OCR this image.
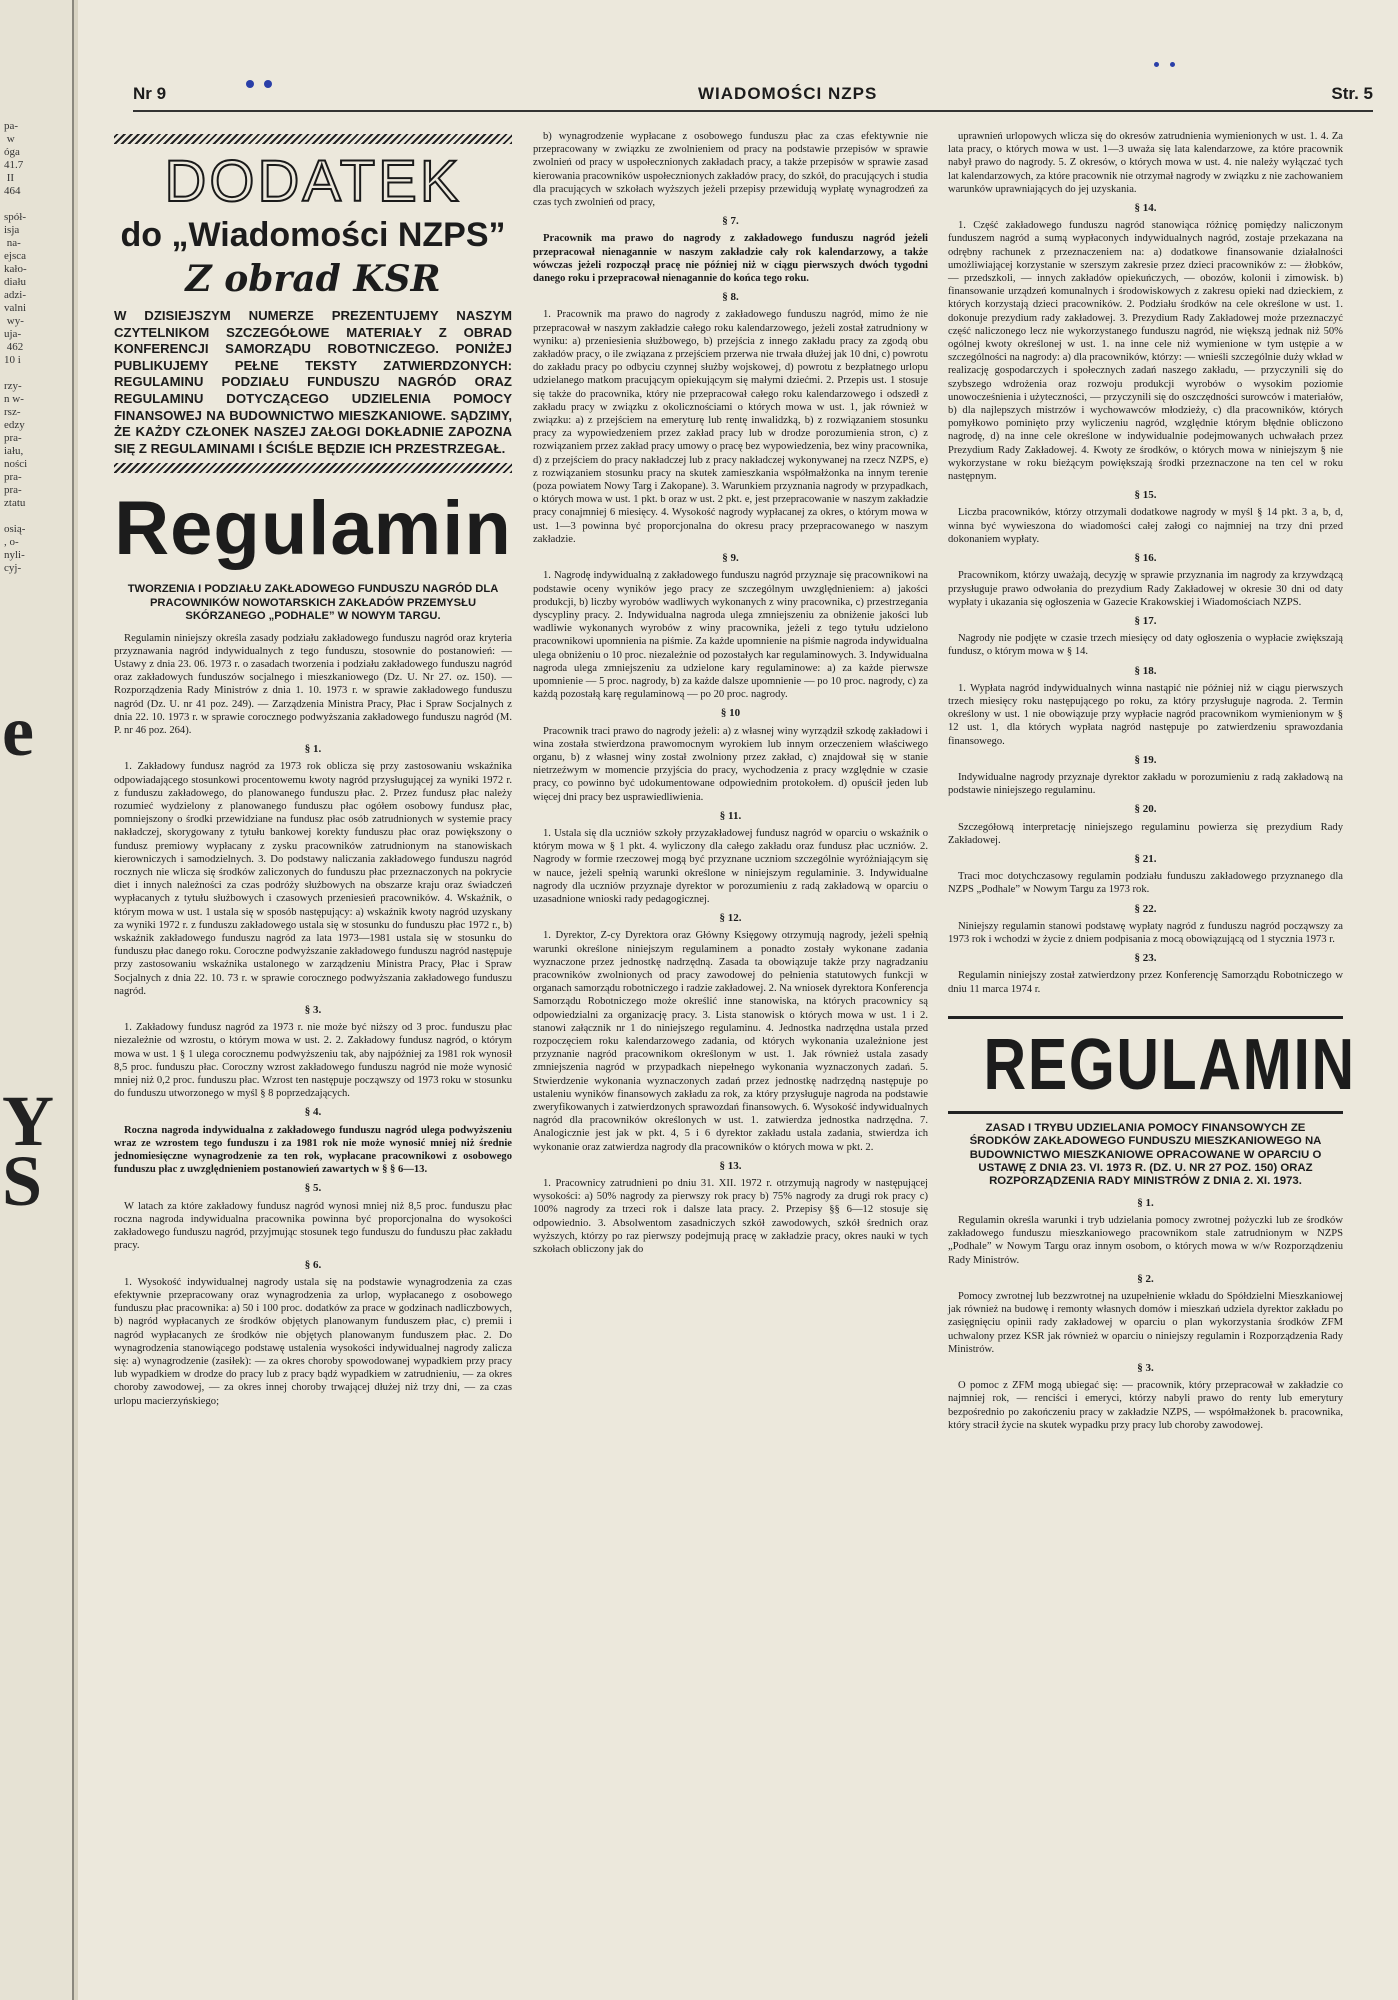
pa-
w
óga
41.7
II
464

spół-
isja
na-
ejsca
kało-
diału
adzi-
valni
wy-
uja-
462
10 i

rzy-
n w-
rsz-
edzy
pra-
iału,
ności
pra-
pra-
ztatu

osią-
, o-
nyli-
cyj-
e
Y
S
Nr 9	WIADOMOŚCI NZPS	Str. 5
DODATEK
do „Wiadomości NZPS”
Z obrad KSR
W DZISIEJSZYM NUMERZE PREZENTUJEMY NASZYM CZYTELNIKOM SZCZEGÓŁOWE MATERIAŁY Z OBRAD KONFERENCJI SAMORZĄDU ROBOTNICZEGO. PONIŻEJ PUBLIKUJEMY PEŁNE TEKSTY ZATWIERDZONYCH: REGULAMINU PODZIAŁU FUNDUSZU NAGRÓD ORAZ REGULAMINU DOTYCZĄCEGO UDZIELENIA POMOCY FINANSOWEJ NA BUDOWNICTWO MIESZKANIOWE. SĄDZIMY, ŻE KAŻDY CZŁONEK NASZEJ ZAŁOGI DOKŁADNIE ZAPOZNA SIĘ Z REGULAMINAMI I ŚCIŚLE BĘDZIE ICH PRZESTRZEGAŁ.
Regulamin
TWORZENIA I PODZIAŁU ZAKŁADOWEGO FUNDUSZU NAGRÓD DLA PRACOWNIKÓW NOWOTARSKICH ZAKŁADÓW PRZEMYSŁU SKÓRZANEGO „PODHALE” W NOWYM TARGU.

Regulamin niniejszy określa zasady podziału zakładowego funduszu nagród oraz kryteria przyznawania nagród indywidualnych z tego funduszu, stosownie do postanowień: — Ustawy z dnia 23. 06. 1973 r. o zasadach tworzenia i podziału zakładowego funduszu nagród oraz zakładowych funduszów socjalnego i mieszkaniowego (Dz. U. Nr 27. oz. 150). — Rozporządzenia Rady Ministrów z dnia 1. 10. 1973 r. w sprawie zakładowego funduszu nagród (Dz. U. nr 41 poz. 249). — Zarządzenia Ministra Pracy, Płac i Spraw Socjalnych z dnia 22. 10. 1973 r. w sprawie corocznego podwyższania zakładowego funduszu nagród (M. P. nr 46 poz. 264).

§ 1.

1. Zakładowy fundusz nagród za 1973 rok oblicza się przy zastosowaniu wskaźnika odpowiadającego stosunkowi procentowemu kwoty nagród przysługującej za wyniki 1972 r. z funduszu zakładowego, do planowanego funduszu płac. 2. Przez fundusz płac należy rozumieć wydzielony z planowanego funduszu płac ogółem osobowy fundusz płac, pomniejszony o środki przewidziane na fundusz płac osób zatrudnionych w systemie pracy nakładczej, skorygowany z tytułu bankowej korekty funduszu płac oraz powiększony o fundusz premiowy wypłacany z zysku pracowników zatrudnionym na stanowiskach kierowniczych i samodzielnych. 3. Do podstawy naliczania zakładowego funduszu nagród rocznych nie wlicza się środków zaliczonych do funduszu płac przeznaczonych na pokrycie diet i innych należności za czas podróży służbowych na obszarze kraju oraz świadczeń wypłacanych z tytułu służbowych i czasowych przeniesień pracowników. 4. Wskaźnik, o którym mowa w ust. 1 ustala się w sposób następujący: a) wskaźnik kwoty nagród uzyskany za wyniki 1972 r. z funduszu zakładowego ustala się w stosunku do funduszu płac 1972 r., b) wskaźnik zakładowego funduszu nagród za lata 1973—1981 ustala się w stosunku do funduszu płac danego roku. Coroczne podwyższanie zakładowego funduszu nagród następuje przy zastosowaniu wskaźnika ustalonego w zarządzeniu Ministra Pracy, Płac i Spraw Socjalnych z dnia 22. 10. 73 r. w sprawie corocznego podwyższania zakładowego funduszu nagród.

§ 3.

1. Zakładowy fundusz nagród za 1973 r. nie może być niższy od 3 proc. funduszu płac niezależnie od wzrostu, o którym mowa w ust. 2. 2. Zakładowy fundusz nagród, o którym mowa w ust. 1 § 1 ulega corocznemu podwyższeniu tak, aby najpóźniej za 1981 rok wynosił 8,5 proc. funduszu płac. Coroczny wzrost zakładowego funduszu nagród nie może wynosić mniej niż 0,2 proc. funduszu płac. Wzrost ten następuje począwszy od 1973 roku w stosunku do funduszu utworzonego w myśl § 8 poprzedzających.

§ 4.

Roczna nagroda indywidualna z zakładowego funduszu nagród ulega podwyższeniu wraz ze wzrostem tego funduszu i za 1981 rok nie może wynosić mniej niż średnie jednomiesięczne wynagrodzenie za ten rok, wypłacane pracownikowi z osobowego funduszu płac z uwzględnieniem postanowień zawartych w § § 6—13.

§ 5.

W latach za które zakładowy fundusz nagród wynosi mniej niż 8,5 proc. funduszu płac roczna nagroda indywidualna pracownika powinna być proporcjonalna do wysokości zakładowego funduszu nagród, przyjmując stosunek tego funduszu do funduszu płac zakładu pracy.

§ 6.

1. Wysokość indywidualnej nagrody ustala się na podstawie wynagrodzenia za czas efektywnie przepracowany oraz wynagrodzenia za urlop, wypłacanego z osobowego funduszu płac pracownika: a) 50 i 100 proc. dodatków za prace w godzinach nadliczbowych, b) nagród wypłacanych ze środków objętych planowanym funduszem płac, c) premii i nagród wypłacanych ze środków nie objętych planowanym funduszem płac. 2. Do wynagrodzenia stanowiącego podstawę ustalenia wysokości indywidualnej nagrody zalicza się: a) wynagrodzenie (zasiłek): — za okres choroby spowodowanej wypadkiem przy pracy lub wypadkiem w drodze do pracy lub z pracy bądź wypadkiem w zatrudnieniu, — za okres choroby zawodowej, — za okres innej choroby trwającej dłużej niż trzy dni, — za czas urlopu macierzyńskiego;

b) wynagrodzenie wypłacane z osobowego funduszu płac za czas efektywnie nie przepracowany w związku ze zwolnieniem od pracy na podstawie przepisów w sprawie zwolnień od pracy w uspołecznionych zakładach pracy, a także przepisów w sprawie zasad kierowania pracowników uspołecznionych zakładów pracy, do szkół, do pracujących i studia dla pracujących w szkołach wyższych jeżeli przepisy przewidują wypłatę wynagrodzeń za czas tych zwolnień od pracy,

§ 7.

Pracownik ma prawo do nagrody z zakładowego funduszu nagród jeżeli przepracował nienagannie w naszym zakładzie cały rok kalendarzowy, a także wówczas jeżeli rozpoczął pracę nie później niż w ciągu pierwszych dwóch tygodni danego roku i przepracował nienagannie do końca tego roku.

§ 8.

1. Pracownik ma prawo do nagrody z zakładowego funduszu nagród, mimo że nie przepracował w naszym zakładzie całego roku kalendarzowego, jeżeli został zatrudniony w wyniku: a) przeniesienia służbowego, b) przejścia z innego zakładu pracy za zgodą obu zakładów pracy, o ile związana z przejściem przerwa nie trwała dłużej jak 10 dni, c) powrotu do zakładu pracy po odbyciu czynnej służby wojskowej, d) powrotu z bezpłatnego urlopu udzielanego matkom pracującym opiekującym się małymi dziećmi. 2. Przepis ust. 1 stosuje się także do pracownika, który nie przepracował całego roku kalendarzowego i odszedł z zakładu pracy w związku z okolicznościami o których mowa w ust. 1, jak również w związku: a) z przejściem na emeryturę lub rentę inwalidzką, b) z rozwiązaniem stosunku pracy za wypowiedzeniem przez zakład pracy lub w drodze porozumienia stron, c) z rozwiązaniem przez zakład pracy umowy o pracę bez wypowiedzenia, bez winy pracownika, d) z przejściem do pracy nakładczej lub z pracy nakładczej wykonywanej na rzecz NZPS, e) z rozwiązaniem stosunku pracy na skutek zamieszkania współmałżonka na innym terenie (poza powiatem Nowy Targ i Zakopane). 3. Warunkiem przyznania nagrody w przypadkach, o których mowa w ust. 1 pkt. b oraz w ust. 2 pkt. e, jest przepracowanie w naszym zakładzie pracy conajmniej 6 miesięcy. 4. Wysokość nagrody wypłacanej za okres, o którym mowa w ust. 1—3 powinna być proporcjonalna do okresu pracy przepracowanego w naszym zakładzie.

§ 9.

1. Nagrodę indywidualną z zakładowego funduszu nagród przyznaje się pracownikowi na podstawie oceny wyników jego pracy ze szczególnym uwzględnieniem: a) jakości produkcji, b) liczby wyrobów wadliwych wykonanych z winy pracownika, c) przestrzegania dyscypliny pracy. 2. Indywidualna nagroda ulega zmniejszeniu za obniżenie jakości lub wadliwie wykonanych wyrobów z winy pracownika, jeżeli z tego tytułu udzielono pracownikowi upomnienia na piśmie. Za każde upomnienie na piśmie nagroda indywidualna ulega obniżeniu o 10 proc. niezależnie od pozostałych kar regulaminowych. 3. Indywidualna nagroda ulega zmniejszeniu za udzielone kary regulaminowe: a) za każde pierwsze upomnienie — 5 proc. nagrody, b) za każde dalsze upomnienie — po 10 proc. nagrody, c) za każdą pozostałą karę regulaminową — po 20 proc. nagrody.

§ 10

Pracownik traci prawo do nagrody jeżeli: a) z własnej winy wyrządził szkodę zakładowi i wina została stwierdzona prawomocnym wyrokiem lub innym orzeczeniem właściwego organu, b) z własnej winy został zwolniony przez zakład, c) znajdował się w stanie nietrzeźwym w momencie przyjścia do pracy, wychodzenia z pracy względnie w czasie pracy, co powinno być udokumentowane odpowiednim protokołem. d) opuścił jeden lub więcej dni pracy bez usprawiedliwienia.

§ 11.

1. Ustala się dla uczniów szkoły przyzakładowej fundusz nagród w oparciu o wskaźnik o którym mowa w § 1 pkt. 4. wyliczony dla całego zakładu oraz fundusz płac uczniów. 2. Nagrody w formie rzeczowej mogą być przyznane uczniom szczególnie wyróżniającym się w nauce, jeżeli spełnią warunki określone w niniejszym regulaminie. 3. Indywidualne nagrody dla uczniów przyznaje dyrektor w porozumieniu z radą zakładową w oparciu o uzasadnione wnioski rady pedagogicznej.

§ 12.

1. Dyrektor, Z-cy Dyrektora oraz Główny Księgowy otrzymują nagrody, jeżeli spełnią warunki określone niniejszym regulaminem a ponadto zostały wykonane zadania wyznaczone przez jednostkę nadrzędną. Zasada ta obowiązuje także przy nagradzaniu pracowników zwolnionych od pracy zawodowej do pełnienia statutowych funkcji w organach samorządu robotniczego i radzie zakładowej. 2. Na wniosek dyrektora Konferencja Samorządu Robotniczego może określić inne stanowiska, na których pracownicy są odpowiedzialni za organizację pracy. 3. Lista stanowisk o których mowa w ust. 1 i 2. stanowi załącznik nr 1 do niniejszego regulaminu. 4. Jednostka nadrzędna ustala przed rozpoczęciem roku kalendarzowego zadania, od których wykonania uzależnione jest przyznanie nagród pracownikom określonym w ust. 1. Jak również ustala zasady zmniejszenia nagród w przypadkach niepełnego wykonania wyznaczonych zadań. 5. Stwierdzenie wykonania wyznaczonych zadań przez jednostkę nadrzędną następuje po ustaleniu wyników finansowych zakładu za rok, za który przysługuje nagroda na podstawie zweryfikowanych i zatwierdzonych sprawozdań finansowych. 6. Wysokość indywidualnych nagród dla pracowników określonych w ust. 1. zatwierdza jednostka nadrzędna. 7. Analogicznie jest jak w pkt. 4, 5 i 6 dyrektor zakładu ustala zadania, stwierdza ich wykonanie oraz zatwierdza nagrody dla pracowników o których mowa w pkt. 2.

§ 13.

1. Pracownicy zatrudnieni po dniu 31. XII. 1972 r. otrzymują nagrody w następującej wysokości: a) 50% nagrody za pierwszy rok pracy b) 75% nagrody za drugi rok pracy c) 100% nagrody za trzeci rok i dalsze lata pracy. 2. Przepisy §§ 6—12 stosuje się odpowiednio. 3. Absolwentom zasadniczych szkół zawodowych, szkół średnich oraz wyższych, którzy po raz pierwszy podejmują pracę w zakładzie pracy, okres nauki w tych szkołach obliczony jak do

uprawnień urlopowych wlicza się do okresów zatrudnienia wymienionych w ust. 1. 4. Za lata pracy, o których mowa w ust. 1—3 uważa się lata kalendarzowe, za które pracownik nabył prawo do nagrody. 5. Z okresów, o których mowa w ust. 4. nie należy wyłączać tych lat kalendarzowych, za które pracownik nie otrzymał nagrody w związku z nie zachowaniem warunków uprawniających do jej uzyskania.

§ 14.

1. Część zakładowego funduszu nagród stanowiąca różnicę pomiędzy naliczonym funduszem nagród a sumą wypłaconych indywidualnych nagród, zostaje przekazana na odrębny rachunek z przeznaczeniem na: a) dodatkowe finansowanie działalności umożliwiającej korzystanie w szerszym zakresie przez dzieci pracowników z: — żłobków, — przedszkoli, — innych zakładów opiekuńczych, — obozów, kolonii i zimowisk. b) finansowanie urządzeń komunalnych i środowiskowych z zakresu opieki nad dzieckiem, z których korzystają dzieci pracowników. 2. Podziału środków na cele określone w ust. 1. dokonuje prezydium rady zakładowej. 3. Prezydium Rady Zakładowej może przeznaczyć część naliczonego lecz nie wykorzystanego funduszu nagród, nie większą jednak niż 50% ogólnej kwoty określonej w ust. 1. na inne cele niż wymienione w tym ustępie a w szczególności na nagrody: a) dla pracowników, którzy: — wnieśli szczególnie duży wkład w realizację gospodarczych i społecznych zadań naszego zakładu, — przyczynili się do szybszego wdrożenia oraz rozwoju produkcji wyrobów o wysokim poziomie unowocześnienia i użyteczności, — przyczynili się do oszczędności surowców i materiałów, b) dla najlepszych mistrzów i wychowawców młodzieży, c) dla pracowników, których pomyłkowo pominięto przy wyliczeniu nagród, względnie którym błędnie obliczono nagrodę, d) na inne cele określone w indywidualnie podejmowanych uchwałach przez Prezydium Rady Zakładowej. 4. Kwoty ze środków, o których mowa w niniejszym § nie wykorzystane w roku bieżącym powiększają środki przeznaczone na ten cel w roku następnym.

§ 15.

Liczba pracowników, którzy otrzymali dodatkowe nagrody w myśl § 14 pkt. 3 a, b, d, winna być wywieszona do wiadomości całej załogi co najmniej na trzy dni przed dokonaniem wypłaty.

§ 16.

Pracownikom, którzy uważają, decyzję w sprawie przyznania im nagrody za krzywdzącą przysługuje prawo odwołania do prezydium Rady Zakładowej w okresie 30 dni od daty wypłaty i ukazania się ogłoszenia w Gazecie Krakowskiej i Wiadomościach NZPS.

§ 17.

Nagrody nie podjęte w czasie trzech miesięcy od daty ogłoszenia o wypłacie zwiększają fundusz, o którym mowa w § 14.

§ 18.

1. Wypłata nagród indywidualnych winna nastąpić nie później niż w ciągu pierwszych trzech miesięcy roku następującego po roku, za który przysługuje nagroda. 2. Termin określony w ust. 1 nie obowiązuje przy wypłacie nagród pracownikom wymienionym w § 12 ust. 1, dla których wypłata nagród następuje po zatwierdzeniu sprawozdania finansowego.

§ 19.

Indywidualne nagrody przyznaje dyrektor zakładu w porozumieniu z radą zakładową na podstawie niniejszego regulaminu.

§ 20.

Szczegółową interpretację niniejszego regulaminu powierza się prezydium Rady Zakładowej.

§ 21.

Traci moc dotychczasowy regulamin podziału funduszu zakładowego przyznanego dla NZPS „Podhale” w Nowym Targu za 1973 rok.

§ 22.

Niniejszy regulamin stanowi podstawę wypłaty nagród z funduszu nagród począwszy za 1973 rok i wchodzi w życie z dniem podpisania z mocą obowiązującą od 1 stycznia 1973 r.

§ 23.

Regulamin niniejszy został zatwierdzony przez Konferencję Samorządu Robotniczego w dniu 11 marca 1974 r.

REGULAMIN
ZASAD I TRYBU UDZIELANIA POMOCY FINANSOWYCH ZE ŚRODKÓW ZAKŁADOWEGO FUNDUSZU MIESZKANIOWEGO NA BUDOWNICTWO MIESZKANIOWE OPRACOWANE W OPARCIU O USTAWĘ Z DNIA 23. VI. 1973 R. (DZ. U. NR 27 POZ. 150) ORAZ ROZPORZĄDZENIA RADY MINISTRÓW Z DNIA 2. XI. 1973.
§ 1.

Regulamin określa warunki i tryb udzielania pomocy zwrotnej pożyczki lub ze środków zakładowego funduszu mieszkaniowego pracownikom stale zatrudnionym w NZPS „Podhale” w Nowym Targu oraz innym osobom, o których mowa w w/w Rozporządzeniu Rady Ministrów.

§ 2.

Pomocy zwrotnej lub bezzwrotnej na uzupełnienie wkładu do Spółdzielni Mieszkaniowej jak również na budowę i remonty własnych domów i mieszkań udziela dyrektor zakładu po zasięgnięciu opinii rady zakładowej w oparciu o plan wykorzystania środków ZFM uchwalony przez KSR jak również w oparciu o niniejszy regulamin i Rozporządzenia Rady Ministrów.

§ 3.

O pomoc z ZFM mogą ubiegać się: — pracownik, który przepracował w zakładzie co najmniej rok, — renciści i emeryci, którzy nabyli prawo do renty lub emerytury bezpośrednio po zakończeniu pracy w zakładzie NZPS, — współmałżonek b. pracownika, który stracił życie na skutek wypadku przy pracy lub choroby zawodowej.
